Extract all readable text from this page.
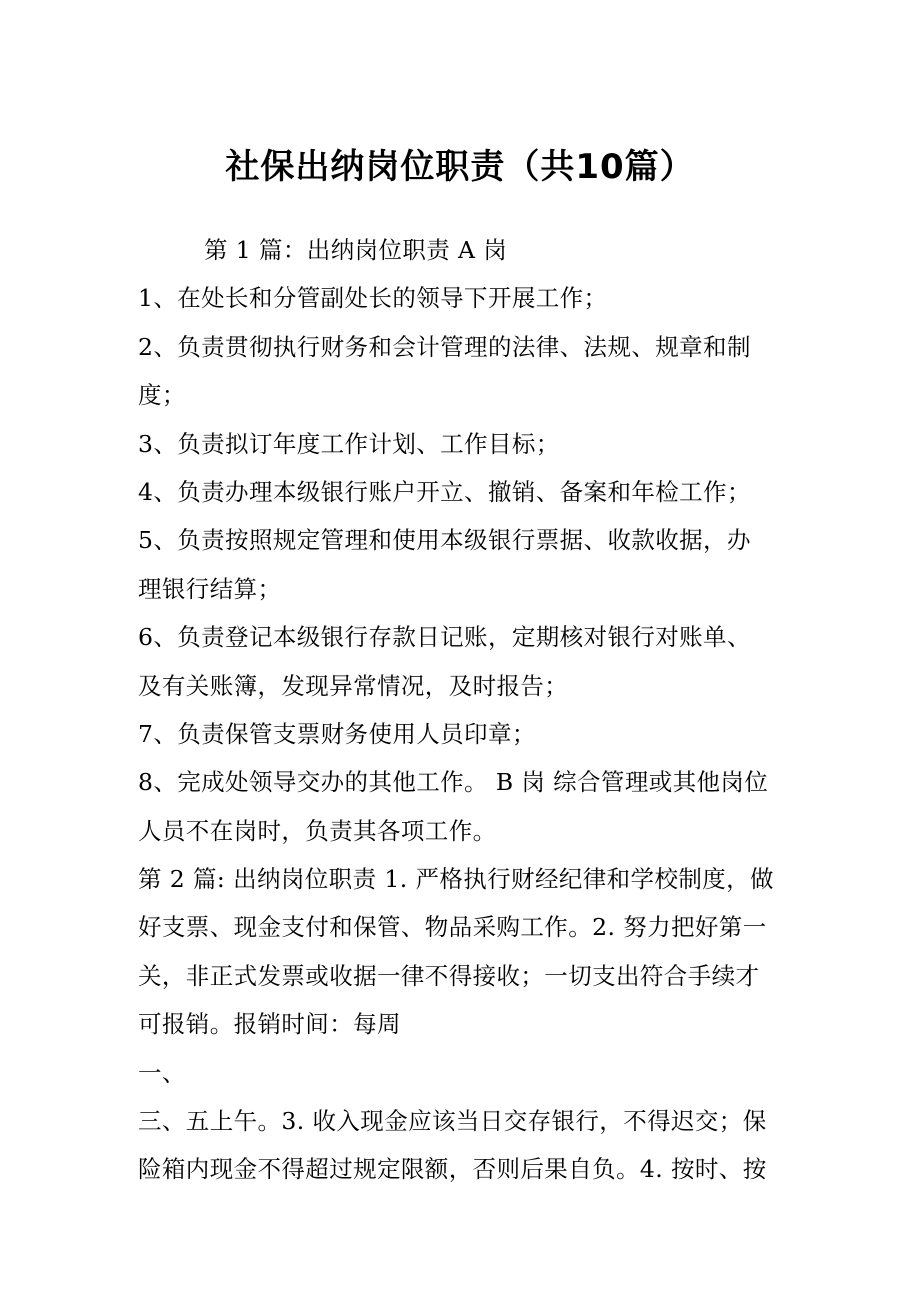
社保出纳岗位职责（共10篇）
第 1 篇：出纳岗位职责 A 岗
1、在处长和分管副处长的领导下开展工作；
2、负责贯彻执行财务和会计管理的法律、法规、规章和制
度；
3、负责拟订年度工作计划、工作目标；
4、负责办理本级银行账户开立、撤销、备案和年检工作；
5、负责按照规定管理和使用本级银行票据、收款收据，办
理银行结算；
6、负责登记本级银行存款日记账，定期核对银行对账单、
及有关账簿，发现异常情况，及时报告；
7、负责保管支票财务使用人员印章；
8、完成处领导交办的其他工作。 B 岗 综合管理或其他岗位
人员不在岗时，负责其各项工作。
第 2 篇: 出纳岗位职责 1. 严格执行财经纪律和学校制度，做
好支票、现金支付和保管、物品采购工作。2. 努力把好第一
关，非正式发票或收据一律不得接收；一切支出符合手续才
可报销。报销时间：每周
一、
三、五上午。3. 收入现金应该当日交存银行，不得迟交；保
险箱内现金不得超过规定限额，否则后果自负。4. 按时、按
